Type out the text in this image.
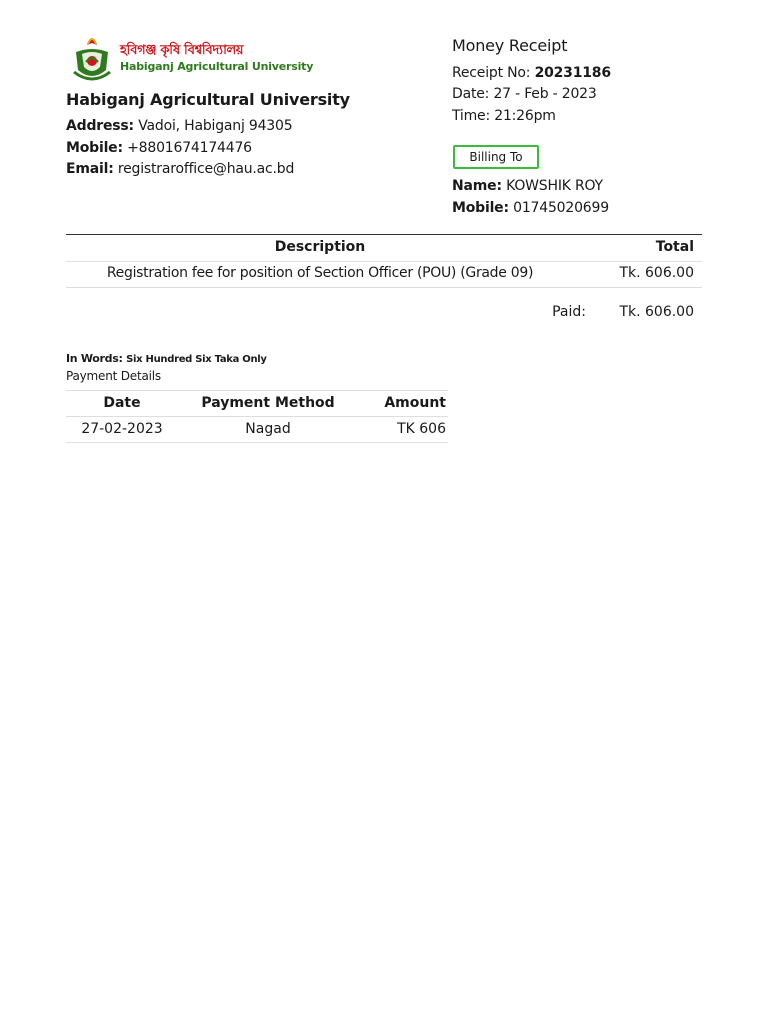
হবিগঞ্জ কৃষি বিশ্ববিদ্যালয়
Habiganj Agricultural University
Habiganj Agricultural University
Address: Vadoi, Habiganj 94305
Mobile: +8801674174476
Email: registraroffice@hau.ac.bd
Money Receipt
Receipt No: 20231186
Date: 27 - Feb - 2023
Time: 21:26pm
Billing To
Name: KOWSHIK ROY
Mobile: 01745020699
Description	Total
Registration fee for position of Section Officer (POU) (Grade 09)	Tk. 606.00
Paid:	Tk. 606.00
In Words: Six Hundred Six Taka Only
Payment Details
Date	Payment Method	Amount
27-02-2023	Nagad	TK 606
